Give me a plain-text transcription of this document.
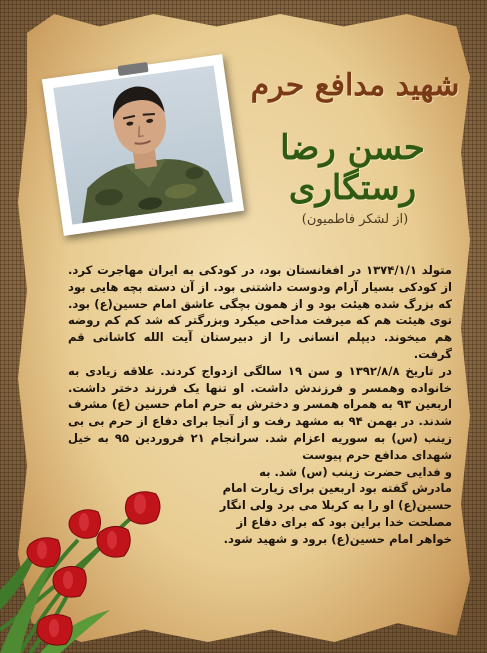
شهید مدافع حرم
حسن رضا رستگاری
(از لشکر فاطمیون)

متولد ۱۳۷۴/۱/۱ در افغانستان بود، در کودکی به ایران مهاجرت کرد. از کودکی بسیار آرام ودوست داشتنی بود. از آن دسته بچه هایی بود که بزرگ شده هیئت بود و از همون بچگی عاشق امام حسین(ع) بود. توی هیئت هم که میرفت مداحی میکرد وبزرگتر که شد کم کم روضه هم میخوند. دیپلم انسانی را از دبیرستان آیت الله کاشانی قم گرفت.

در تاریخ ۱۳۹۲/۸/۸ و سن ۱۹ سالگی ازدواج کردند. علاقه زیادی به خانواده وهمسر و فرزندش داشت. او تنها یک فرزند دختر داشت. اربعین ۹۳ به همراه همسر و دخترش به حرم امام حسین (ع) مشرف شدند. در بهمن ۹۴ به مشهد رفت و از آنجا برای دفاع از حرم بی بی زینب (س) به سوریه اعزام شد. سرانجام ۲۱ فروردین ۹۵ به خیل شهدای مدافع حرم پیوست

و فدایی حضرت زینب (س) شد. به مادرش گفته بود اربعین برای زیارت امام حسین(ع) او را به کربلا می برد ولی انگار مصلحت خدا براین بود که برای دفاع از خواهر امام حسین(ع) برود و شهید شود.
